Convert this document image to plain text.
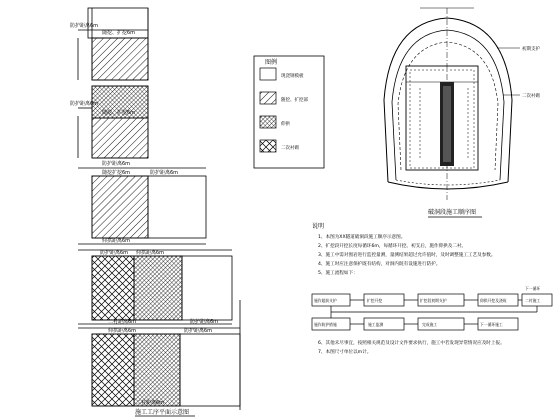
防护距离6m
随挖、扩挖6m
防护距离6m
随挖、扩挖6m
防护距离6m
随挖扩挖6m	防护距离6m
仰拱距离6m
防护距离6m 仰拱距离6m
二衬距离6m	防护距离6m
仰拱距离6m
二衬距离6m
防护距离6m
施工工序平面示意图
图例
现浇钢模板
随挖、扩挖部
仰拱
二次衬砌
初期支护
二次衬砌
破洞段施工顺序图
说明
1、本图为XX隧道破洞段施工顺序示意图。
2、扩挖段开挖长度每循环6m，每循环开挖、初支后，施作仰拱及二衬。
3、施工中需对围岩进行监控量测，量测结果超过允许值时，及时调整施工工艺及参数。
4、施工时应注意保护既有结构，对洞内既有设施进行防护。
5、施工流程如下：
6、其他未尽事宜，按照相关规范及设计文件要求执行，施工中若发现异常情况应及时上报。
7、本图尺寸单位以m计。
施作超前支护	扩挖开挖	扩挖段初期支护	仰拱开挖及浇筑	二衬施工
下一循环
施作防护措施	施工监测	完成施工	下一循环施工
